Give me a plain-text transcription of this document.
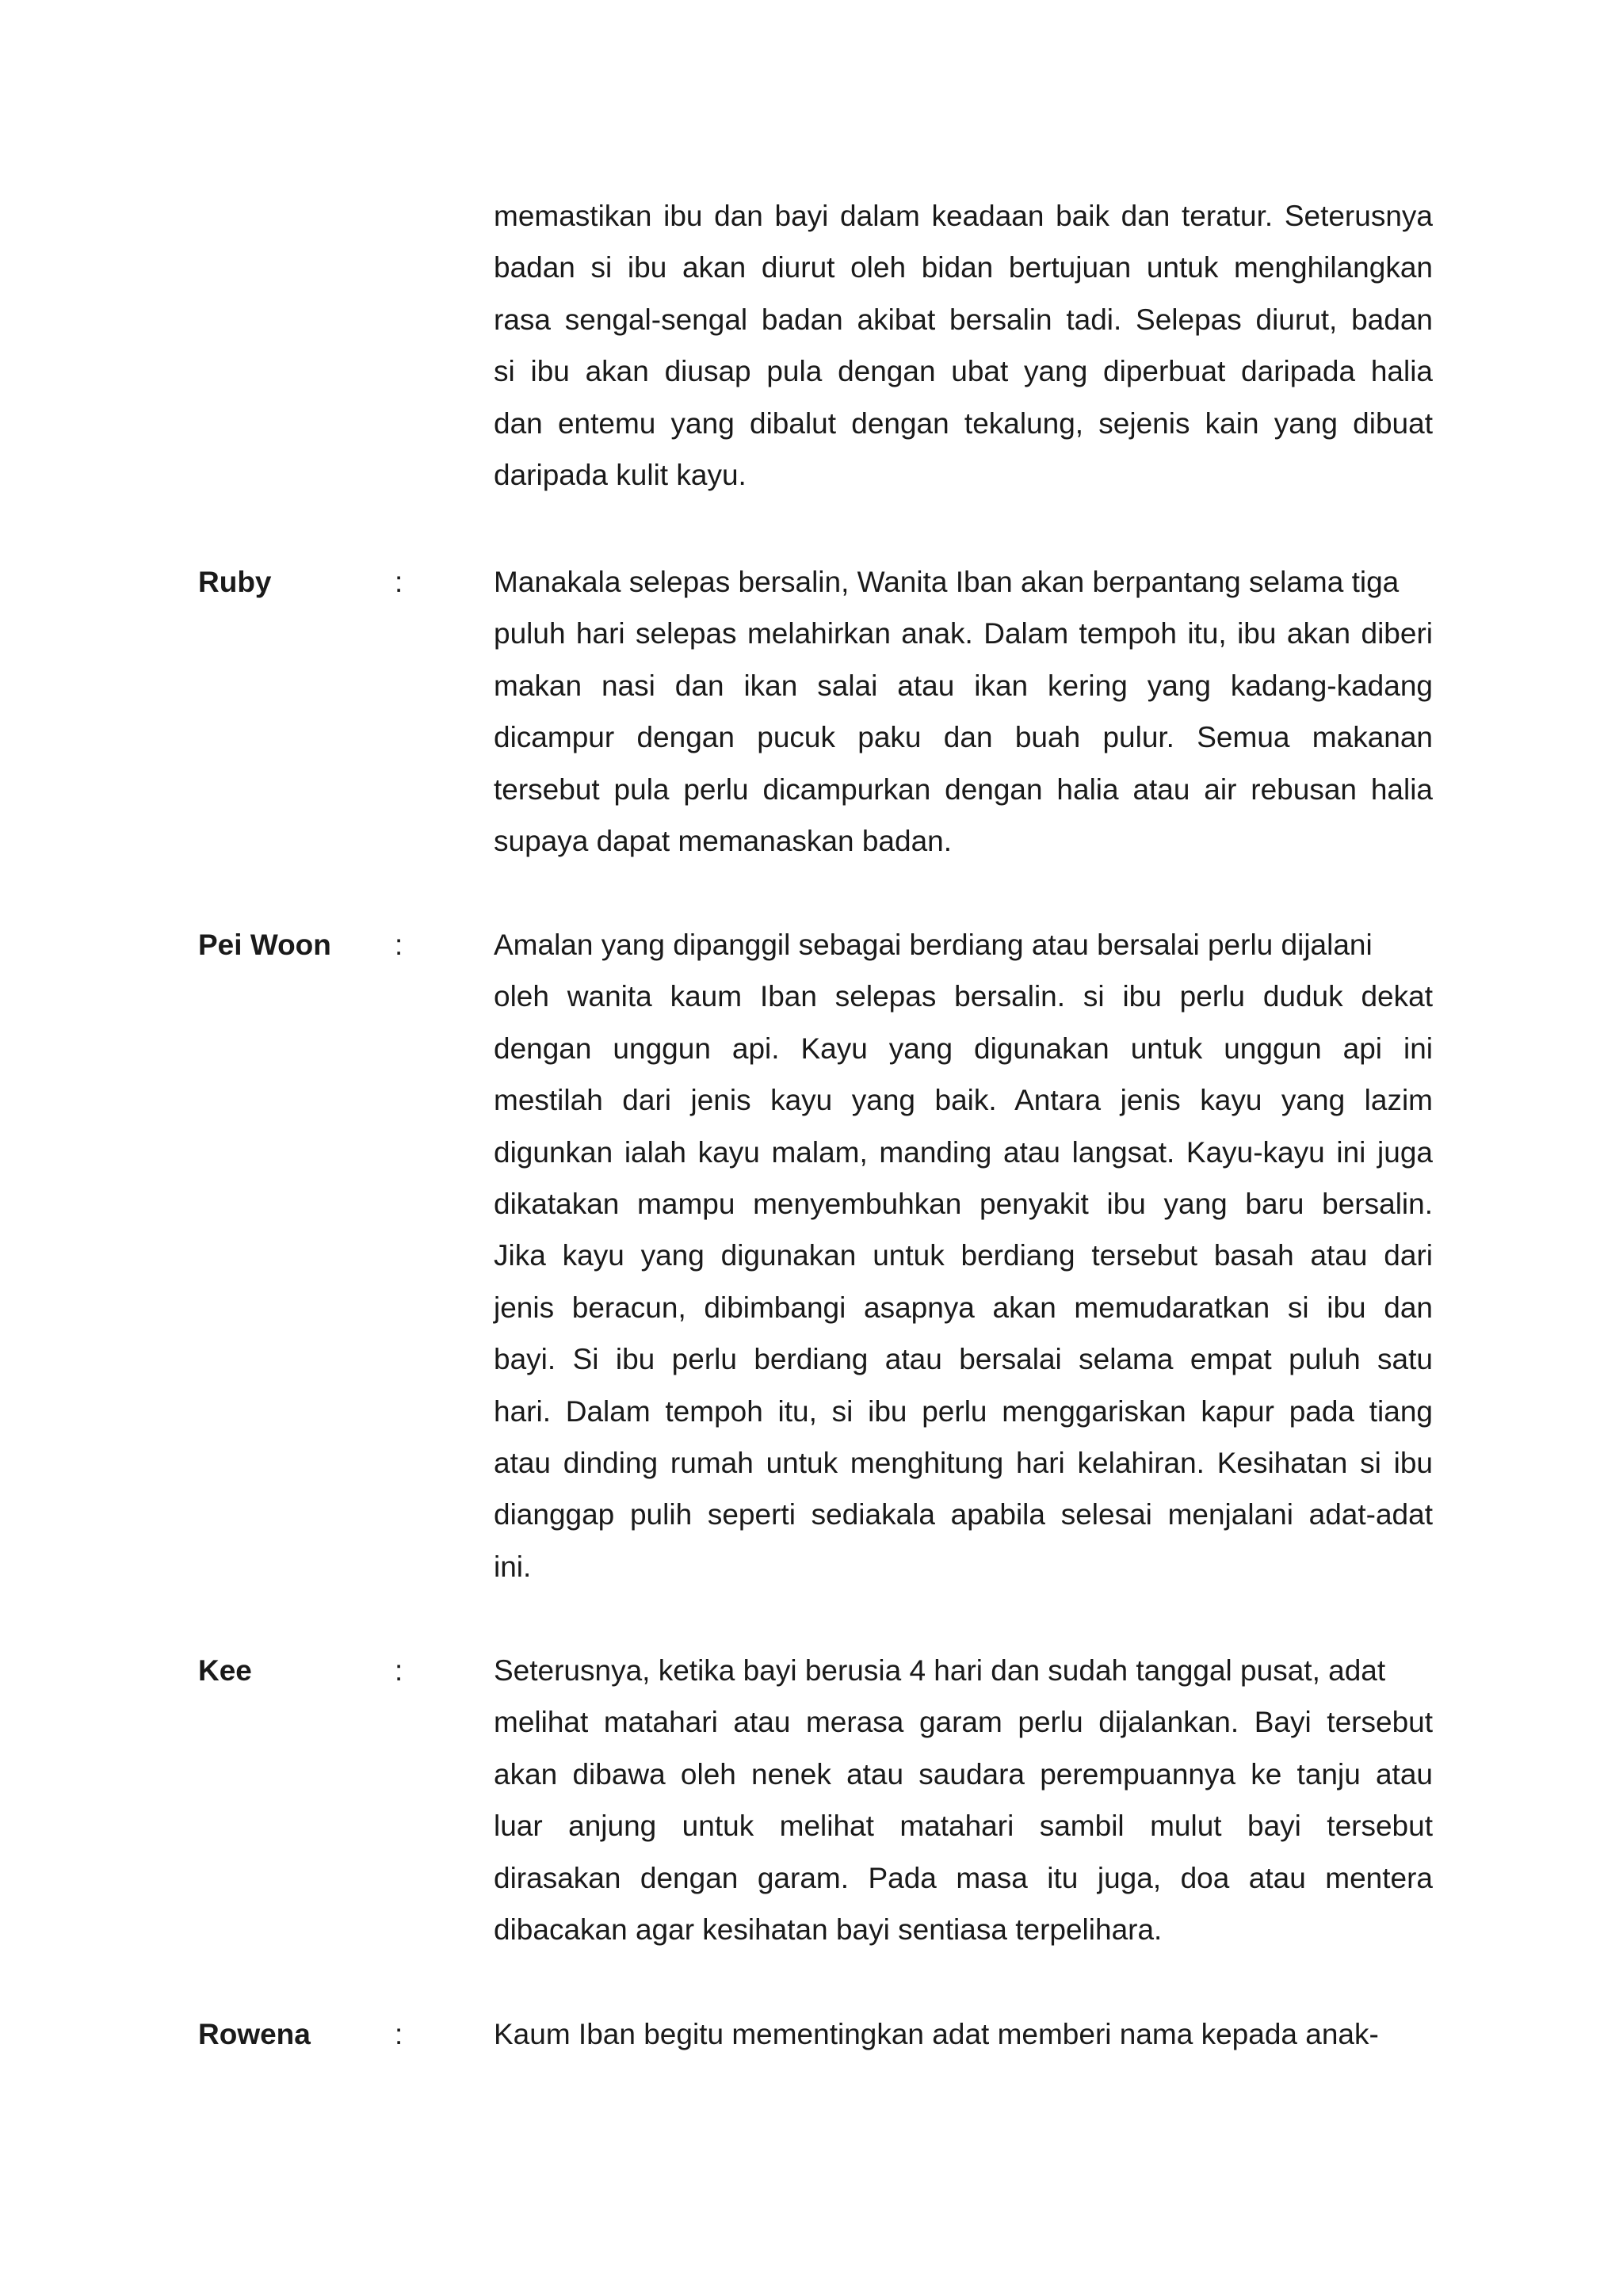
memastikan ibu dan bayi dalam keadaan baik dan teratur. Seterusnya
badan si ibu akan diurut oleh bidan bertujuan untuk menghilangkan
rasa sengal-sengal badan akibat bersalin tadi. Selepas diurut, badan
si ibu akan diusap pula dengan ubat yang diperbuat daripada halia
dan entemu yang dibalut dengan tekalung, sejenis kain yang dibuat
daripada kulit kayu.
Ruby	:	Manakala selepas bersalin, Wanita Iban akan berpantang selama tiga
puluh hari selepas melahirkan anak. Dalam tempoh itu, ibu akan diberi
makan nasi dan ikan salai atau ikan kering yang kadang-kadang
dicampur dengan pucuk paku dan buah pulur. Semua makanan
tersebut pula perlu dicampurkan dengan halia atau air rebusan halia
supaya dapat memanaskan badan.
Pei Woon :	Amalan yang dipanggil sebagai berdiang atau bersalai perlu dijalani
oleh wanita kaum Iban selepas bersalin. si ibu perlu duduk dekat
dengan unggun api. Kayu yang digunakan untuk unggun api ini
mestilah dari jenis kayu yang baik. Antara jenis kayu yang lazim
digunkan ialah kayu malam, manding atau langsat. Kayu-kayu ini juga
dikatakan mampu menyembuhkan penyakit ibu yang baru bersalin.
Jika kayu yang digunakan untuk berdiang tersebut basah atau dari
jenis beracun, dibimbangi asapnya akan memudaratkan si ibu dan
bayi. Si ibu perlu berdiang atau bersalai selama empat puluh satu
hari. Dalam tempoh itu, si ibu perlu menggariskan kapur pada tiang
atau dinding rumah untuk menghitung hari kelahiran. Kesihatan si ibu
dianggap pulih seperti sediakala apabila selesai menjalani adat-adat
ini.
Kee	:	Seterusnya, ketika bayi berusia 4 hari dan sudah tanggal pusat, adat
melihat matahari atau merasa garam perlu dijalankan. Bayi tersebut
akan dibawa oleh nenek atau saudara perempuannya ke tanju atau
luar anjung untuk melihat matahari sambil mulut bayi tersebut
dirasakan dengan garam. Pada masa itu juga, doa atau mentera
dibacakan agar kesihatan bayi sentiasa terpelihara.
Rowena	:	Kaum Iban begitu mementingkan adat memberi nama kepada anak-
